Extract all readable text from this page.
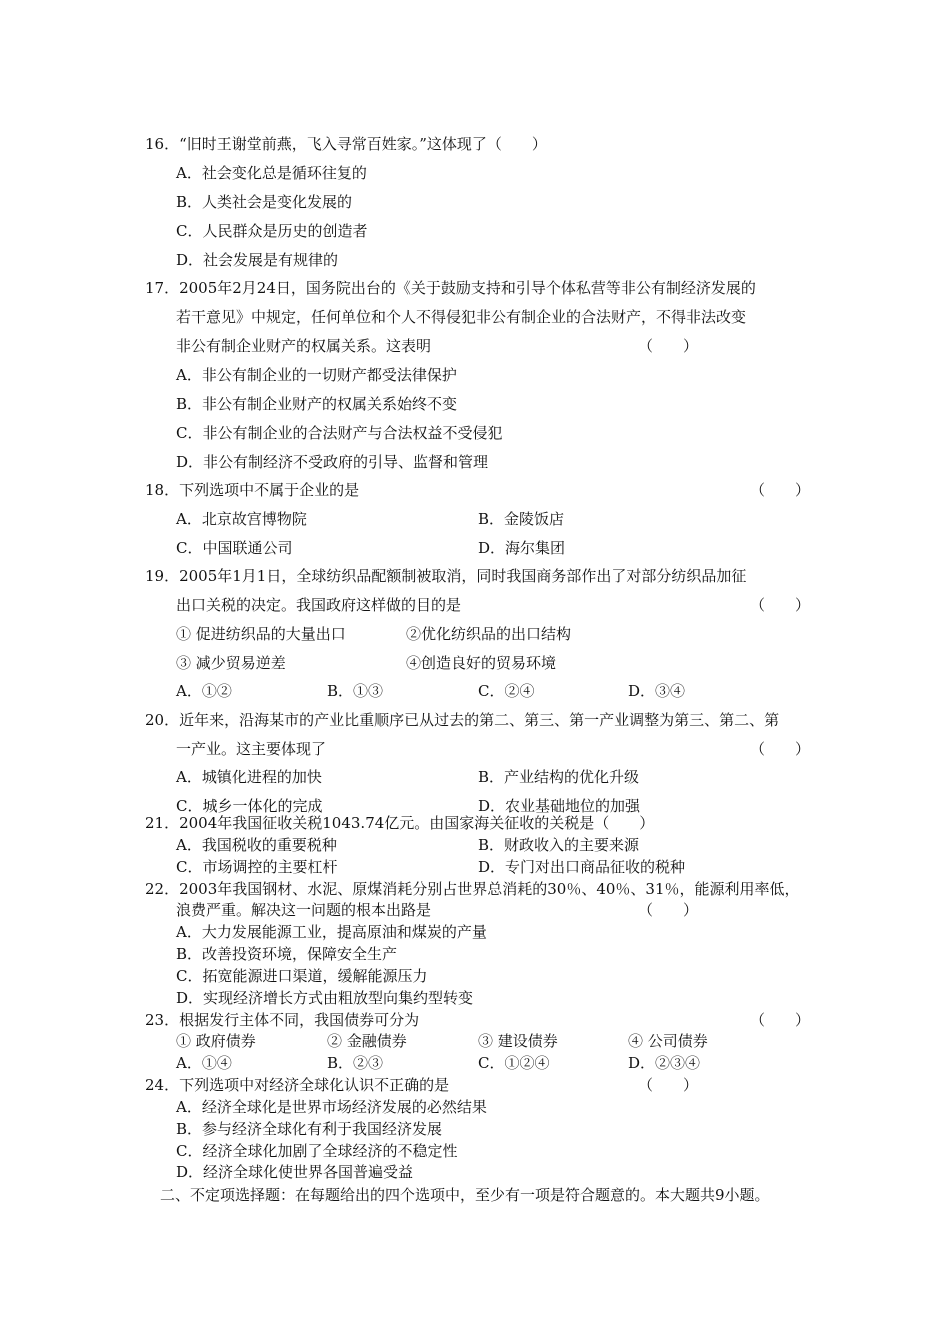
16．“旧时王谢堂前燕，飞入寻常百姓家。”这体现了（　　）
A．社会变化总是循环往复的
B．人类社会是变化发展的
C．人民群众是历史的创造者
D．社会发展是有规律的
17．2005年2月24日，国务院出台的《关于鼓励支持和引导个体私营等非公有制经济发展的
若干意见》中规定，任何单位和个人不得侵犯非公有制企业的合法财产，不得非法改变
非公有制企业财产的权属关系。这表明	（　　）
A．非公有制企业的一切财产都受法律保护
B．非公有制企业财产的权属关系始终不变
C．非公有制企业的合法财产与合法权益不受侵犯
D．非公有制经济不受政府的引导、监督和管理
18．下列选项中不属于企业的是	（　　）
A．北京故宫博物院	B．金陵饭店
C．中国联通公司	D．海尔集团
19．2005年1月1日，全球纺织品配额制被取消，同时我国商务部作出了对部分纺织品加征
出口关税的决定。我国政府这样做的目的是	（　　）
① 促进纺织品的大量出口	②优化纺织品的出口结构
③ 减少贸易逆差	④创造良好的贸易环境
A．①②	B．①③	C．②④	D．③④
20．近年来，沿海某市的产业比重顺序已从过去的第二、第三、第一产业调整为第三、第二、第
一产业。这主要体现了	（　　）
A．城镇化进程的加快	B．产业结构的优化升级
C．城乡一体化的完成	D．农业基础地位的加强
21．2004年我国征收关税1043.74亿元。由国家海关征收的关税是（　　）
A．我国税收的重要税种	B．财政收入的主要来源
C．市场调控的主要杠杆	D．专门对出口商品征收的税种
22．2003年我国钢材、水泥、原煤消耗分别占世界总消耗的30％、40％、31％，能源利用率低，
浪费严重。解决这一问题的根本出路是	（　　）
A．大力发展能源工业，提高原油和煤炭的产量
B．改善投资环境，保障安全生产
C．拓宽能源进口渠道，缓解能源压力
D．实现经济增长方式由粗放型向集约型转变
23．根据发行主体不同，我国债券可分为	（　　）
① 政府债券	② 金融债券	③ 建设债券	④ 公司债券
A．①④	B．②③	C．①②④	D．②③④
24．下列选项中对经济全球化认识不正确的是	（　　）
A．经济全球化是世界市场经济发展的必然结果
B．参与经济全球化有利于我国经济发展
C．经济全球化加剧了全球经济的不稳定性
D．经济全球化使世界各国普遍受益
二、不定项选择题：在每题给出的四个选项中，至少有一项是符合题意的。本大题共9小题。
